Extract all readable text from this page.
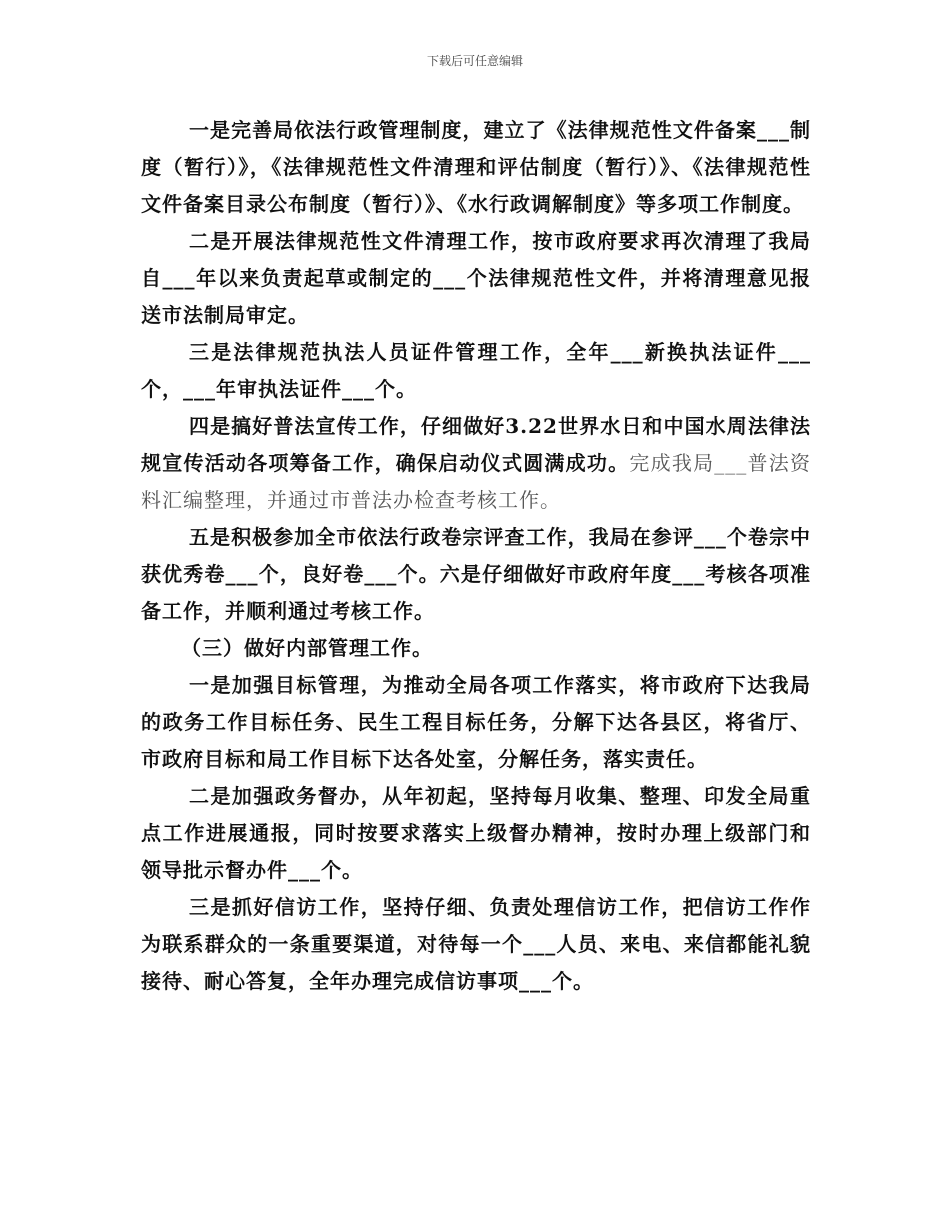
下载后可任意编辑

一是完善局依法行政管理制度，建立了《法律规范性文件备案___制度（暂行）》，《法律规范性文件清理和评估制度（暂行）》、《法律规范性文件备案目录公布制度（暂行）》、《水行政调解制度》等多项工作制度。

二是开展法律规范性文件清理工作，按市政府要求再次清理了我局自___年以来负责起草或制定的___个法律规范性文件，并将清理意见报送市法制局审定。

三是法律规范执法人员证件管理工作，全年___新换执法证件___个，___年审执法证件___个。

四是搞好普法宣传工作，仔细做好3.22世界水日和中国水周法律法规宣传活动各项筹备工作，确保启动仪式圆满成功。完成我局___普法资料汇编整理，并通过市普法办检查考核工作。

五是积极参加全市依法行政卷宗评查工作，我局在参评___个卷宗中获优秀卷___个，良好卷___个。六是仔细做好市政府年度___考核各项准备工作，并顺利通过考核工作。

（三）做好内部管理工作。

一是加强目标管理，为推动全局各项工作落实，将市政府下达我局的政务工作目标任务、民生工程目标任务，分解下达各县区，将省厅、市政府目标和局工作目标下达各处室，分解任务，落实责任。

二是加强政务督办，从年初起，坚持每月收集、整理、印发全局重点工作进展通报，同时按要求落实上级督办精神，按时办理上级部门和领导批示督办件___个。

三是抓好信访工作，坚持仔细、负责处理信访工作，把信访工作作为联系群众的一条重要渠道，对待每一个___人员、来电、来信都能礼貌接待、耐心答复，全年办理完成信访事项___个。
